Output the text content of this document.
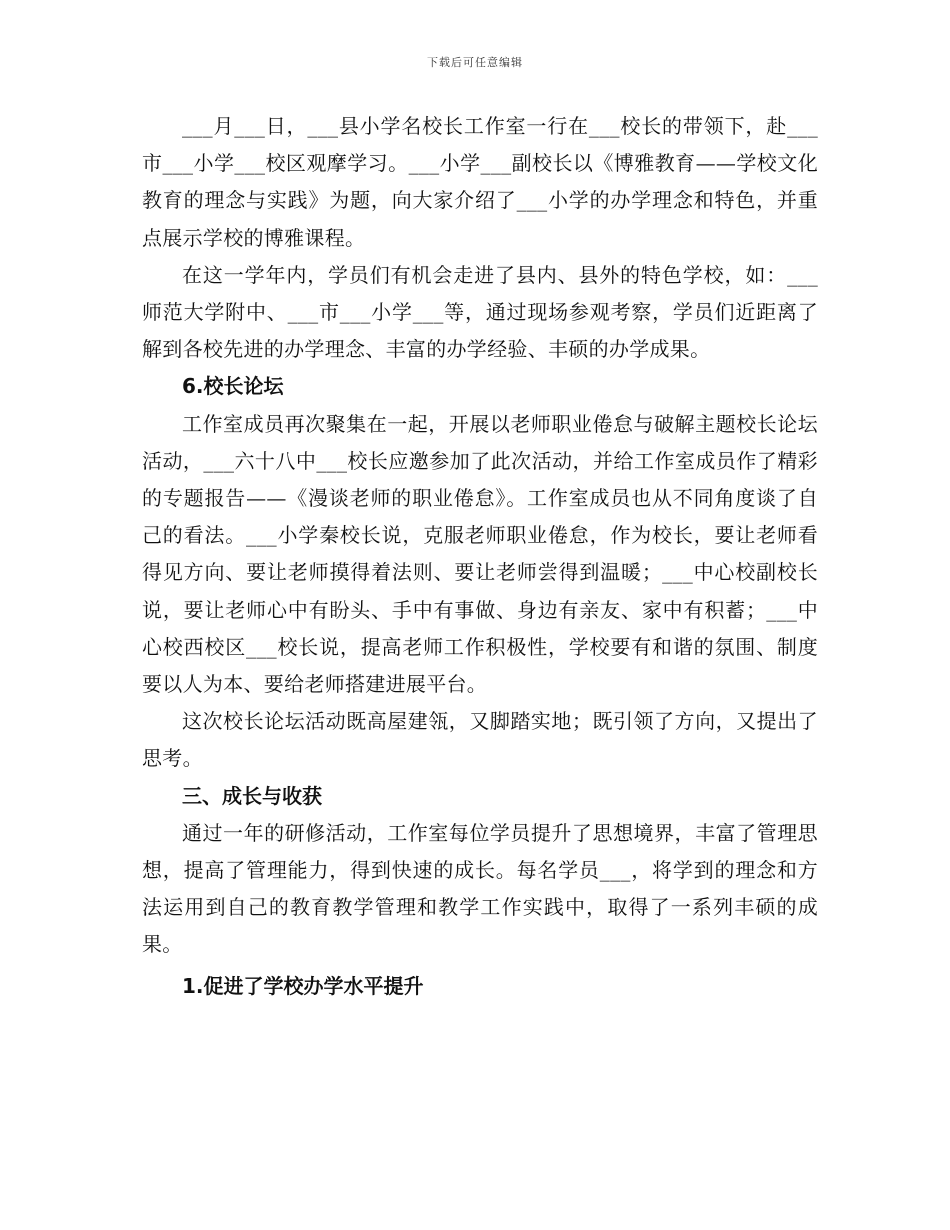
下载后可任意编辑

___月___日，___县小学名校长工作室一行在___校长的带领下，赴___市___小学___校区观摩学习。___小学___副校长以《博雅教育——学校文化教育的理念与实践》为题，向大家介绍了___小学的办学理念和特色，并重点展示学校的博雅课程。

在这一学年内，学员们有机会走进了县内、县外的特色学校，如：___师范大学附中、___市___小学___等，通过现场参观考察，学员们近距离了解到各校先进的办学理念、丰富的办学经验、丰硕的办学成果。

6.校长论坛

工作室成员再次聚集在一起，开展以老师职业倦怠与破解主题校长论坛活动，___六十八中___校长应邀参加了此次活动，并给工作室成员作了精彩的专题报告——《漫谈老师的职业倦怠》。工作室成员也从不同角度谈了自己的看法。___小学秦校长说，克服老师职业倦怠，作为校长，要让老师看得见方向、要让老师摸得着法则、要让老师尝得到温暖；___中心校副校长说，要让老师心中有盼头、手中有事做、身边有亲友、家中有积蓄；___中心校西校区___校长说，提高老师工作积极性，学校要有和谐的氛围、制度要以人为本、要给老师搭建进展平台。

这次校长论坛活动既高屋建瓴，又脚踏实地；既引领了方向，又提出了思考。

三、成长与收获

通过一年的研修活动，工作室每位学员提升了思想境界，丰富了管理思想，提高了管理能力，得到快速的成长。每名学员___，将学到的理念和方法运用到自己的教育教学管理和教学工作实践中，取得了一系列丰硕的成果。

1.促进了学校办学水平提升
